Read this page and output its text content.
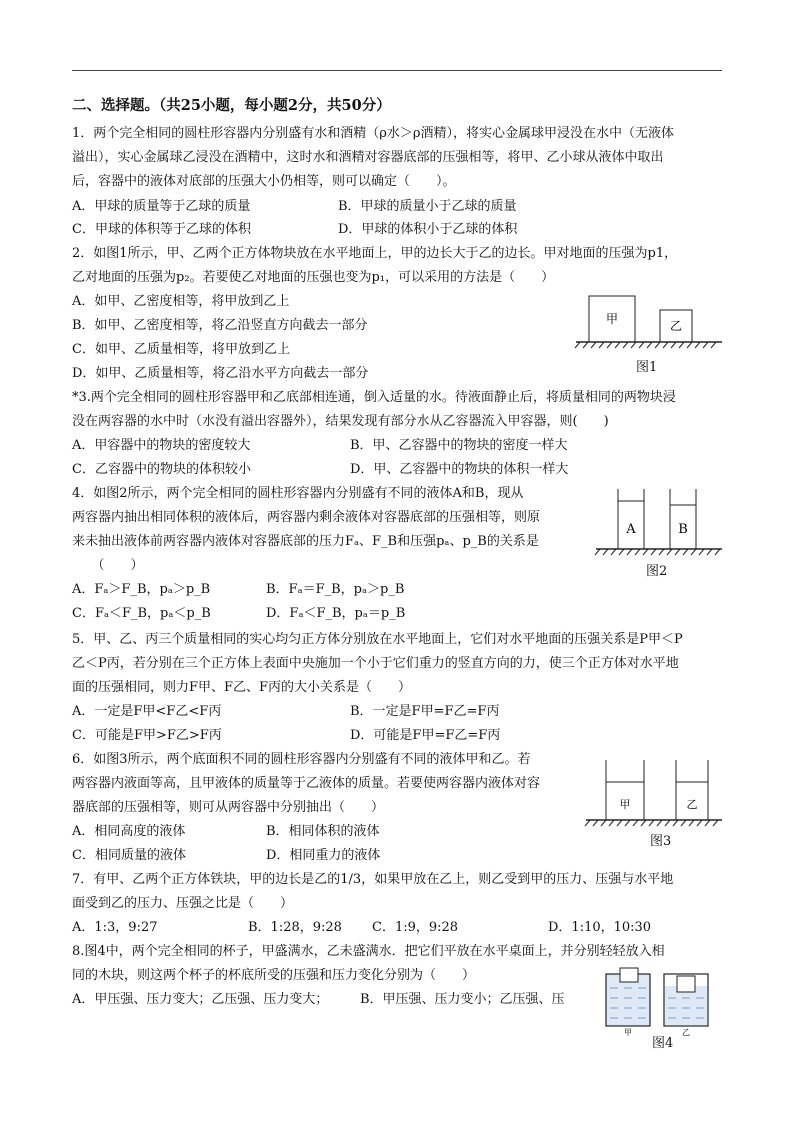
二、选择题。（共25小题，每小题2分，共50分）
1．两个完全相同的圆柱形容器内分别盛有水和酒精（ρ水＞ρ酒精），将实心金属球甲浸没在水中（无液体
溢出），实心金属球乙浸没在酒精中，这时水和酒精对容器底部的压强相等，将甲、乙小球从液体中取出
后，容器中的液体对底部的压强大小仍相等，则可以确定（　　）。
A．甲球的质量等于乙球的质量	B．甲球的质量小于乙球的质量
C．甲球的体积等于乙球的体积	D．甲球的体积小于乙球的体积
2．如图1所示，甲、乙两个正方体物块放在水平地面上，甲的边长大于乙的边长。甲对地面的压强为p1，
乙对地面的压强为p₂。若要使乙对地面的压强也变为p₁，可以采用的方法是（　　）
A．如甲、乙密度相等，将甲放到乙上
B．如甲、乙密度相等，将乙沿竖直方向截去一部分
C．如甲、乙质量相等，将甲放到乙上
D．如甲、乙质量相等，将乙沿水平方向截去一部分
甲	乙
图1
*3.两个完全相同的圆柱形容器甲和乙底部相连通，倒入适量的水。待液面静止后，将质量相同的两物块浸
没在两容器的水中时（水没有溢出容器外），结果发现有部分水从乙容器流入甲容器，则(　　)
A．甲容器中的物块的密度较大	B．甲、乙容器中的物块的密度一样大
C．乙容器中的物块的体积较小	D．甲、乙容器中的物块的体积一样大
4．如图2所示，两个完全相同的圆柱形容器内分别盛有不同的液体A和B，现从
两容器内抽出相同体积的液体后，两容器内剩余液体对容器底部的压强相等，则原
来未抽出液体前两容器内液体对容器底部的压力Fₐ、F_B和压强pₐ、p_B的关系是
　　（　　）
A．Fₐ＞F_B，pₐ＞p_B	B．Fₐ＝F_B，pₐ＞p_B
C．Fₐ＜F_B，pₐ＜p_B	D．Fₐ＜F_B，pₐ＝p_B
A	B
图2
5．甲、乙、丙三个质量相同的实心均匀正方体分别放在水平地面上，它们对水平地面的压强关系是P甲＜P
乙＜P丙，若分别在三个正方体上表面中央施加一个小于它们重力的竖直方向的力，使三个正方体对水平地
面的压强相同，则力F甲、F乙、F丙的大小关系是（　　）
A．一定是F甲<F乙<F丙	B．一定是F甲=F乙=F丙
C．可能是F甲>F乙>F丙	D．可能是F甲=F乙=F丙
6．如图3所示，两个底面积不同的圆柱形容器内分别盛有不同的液体甲和乙。若
两容器内液面等高，且甲液体的质量等于乙液体的质量。若要使两容器内液体对容
器底部的压强相等，则可从两容器中分别抽出（　　）
A．相同高度的液体	B．相同体积的液体
C．相同质量的液体	D．相同重力的液体
甲	乙
图3
7．有甲、乙两个正方体铁块，甲的边长是乙的1/3，如果甲放在乙上，则乙受到甲的压力、压强与水平地
面受到乙的压力、压强之比是（　　）
A．1:3，9:27	B．1:28，9:28 C．1:9，9:28	D．1:10，10:30
8.图4中，两个完全相同的杯子，甲盛满水，乙未盛满水．把它们平放在水平桌面上，并分别轻轻放入相
同的木块，则这两个杯子的杯底所受的压强和压力变化分别为（　　）
A．甲压强、压力变大；乙压强、压力变大； B．甲压强、压力变小；乙压强、压
甲	乙
图4
